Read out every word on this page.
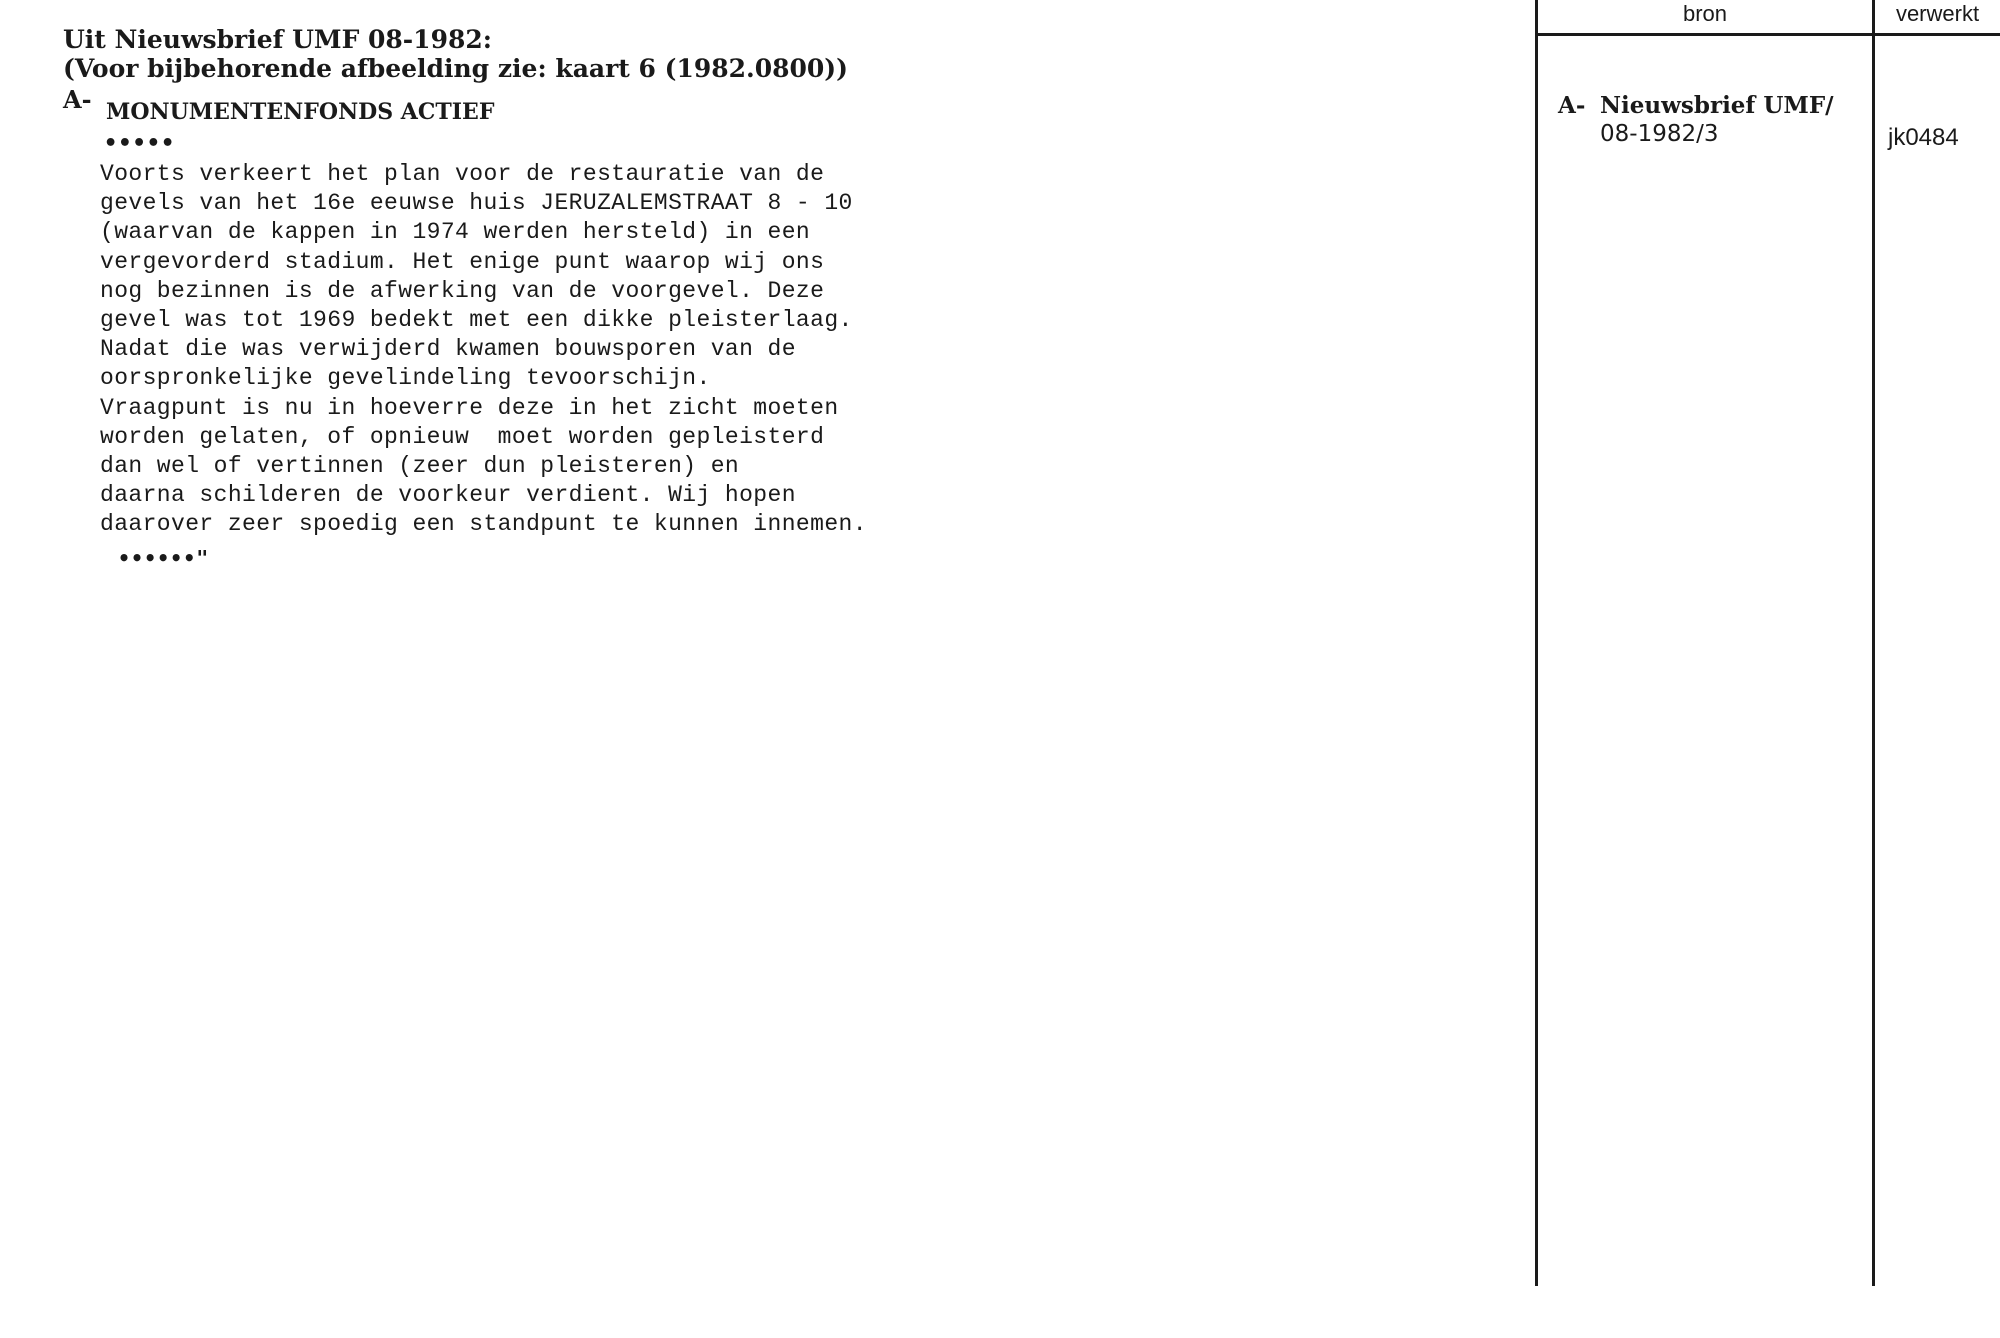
Uit Nieuwsbrief UMF 08-1982:
(Voor bijbehorende afbeelding zie: kaart 6 (1982.0800))
A- MONUMENTENFONDS ACTIEF
•••••
Voorts verkeert het plan voor de restauratie van de
gevels van het 16e eeuwse huis JERUZALEMSTRAAT 8 - 10
(waarvan de kappen in 1974 werden hersteld) in een
vergevorderd stadium. Het enige punt waarop wij ons
nog bezinnen is de afwerking van de voorgevel. Deze
gevel was tot 1969 bedekt met een dikke pleisterlaag.
Nadat die was verwijderd kwamen bouwsporen van de
oorspronkelijke gevelindeling tevoorschijn.
Vraagpunt is nu in hoeverre deze in het zicht moeten
worden gelaten, of opnieuw  moet worden gepleisterd
dan wel of vertinnen (zeer dun pleisteren) en
daarna schilderen de voorkeur verdient. Wij hopen
daarover zeer spoedig een standpunt te kunnen innemen.
••••••"
bron	verwerkt
A- Nieuwsbrief UMF/
08-1982/3	jk0484
